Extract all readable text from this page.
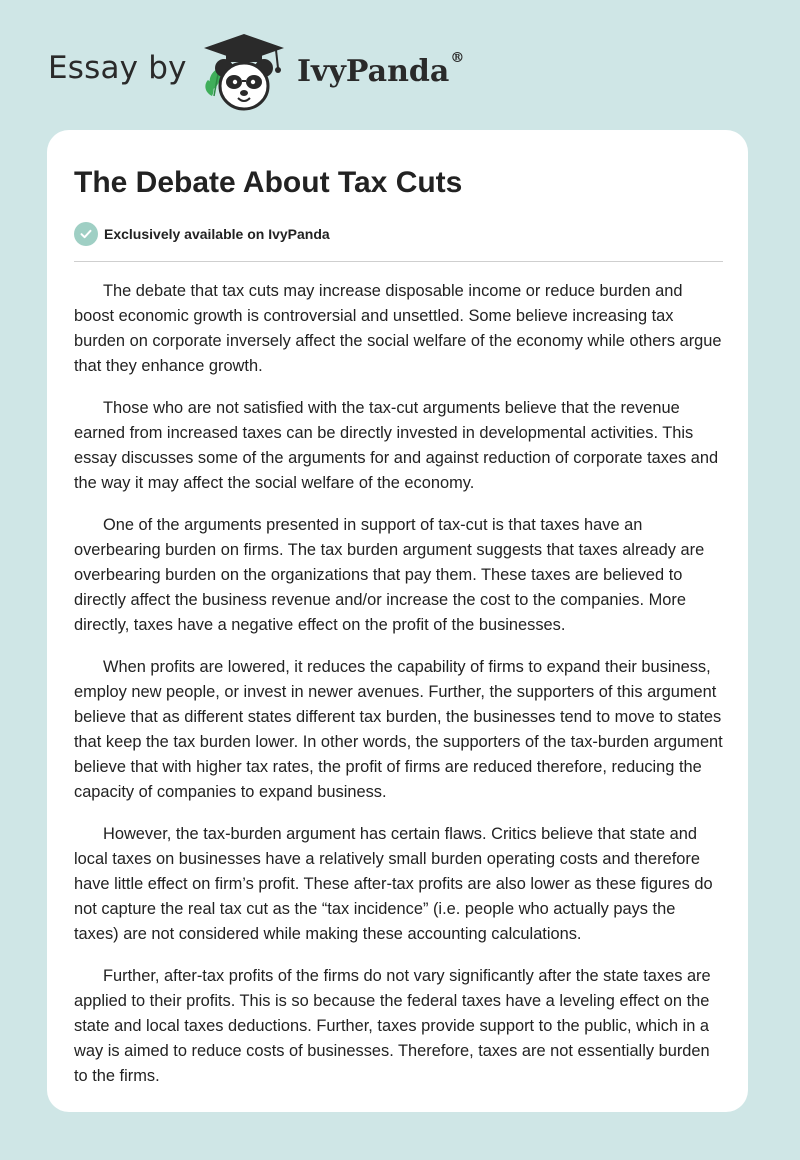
Essay by	IvyPanda®
The Debate About Tax Cuts
Exclusively available on IvyPanda

The debate that tax cuts may increase disposable income or reduce burden and boost economic growth is controversial and unsettled. Some believe increasing tax burden on corporate inversely affect the social welfare of the economy while others argue that they enhance growth.

Those who are not satisfied with the tax-cut arguments believe that the revenue earned from increased taxes can be directly invested in developmental activities. This essay discusses some of the arguments for and against reduction of corporate taxes and the way it may affect the social welfare of the economy.

One of the arguments presented in support of tax-cut is that taxes have an overbearing burden on firms. The tax burden argument suggests that taxes already are overbearing burden on the organizations that pay them. These taxes are believed to directly affect the business revenue and/or increase the cost to the companies. More directly, taxes have a negative effect on the profit of the businesses.

When profits are lowered, it reduces the capability of firms to expand their business, employ new people, or invest in newer avenues. Further, the supporters of this argument believe that as different states different tax burden, the businesses tend to move to states that keep the tax burden lower. In other words, the supporters of the tax-burden argument believe that with higher tax rates, the profit of firms are reduced therefore, reducing the capacity of companies to expand business.

However, the tax-burden argument has certain flaws. Critics believe that state and local taxes on businesses have a relatively small burden operating costs and therefore have little effect on firm’s profit. These after-tax profits are also lower as these figures do not capture the real tax cut as the “tax incidence” (i.e. people who actually pays the taxes) are not considered while making these accounting calculations.

Further, after-tax profits of the firms do not vary significantly after the state taxes are applied to their profits. This is so because the federal taxes have a leveling effect on the state and local taxes deductions. Further, taxes provide support to the public, which in a way is aimed to reduce costs of businesses. Therefore, taxes are not essentially burden to the firms.
